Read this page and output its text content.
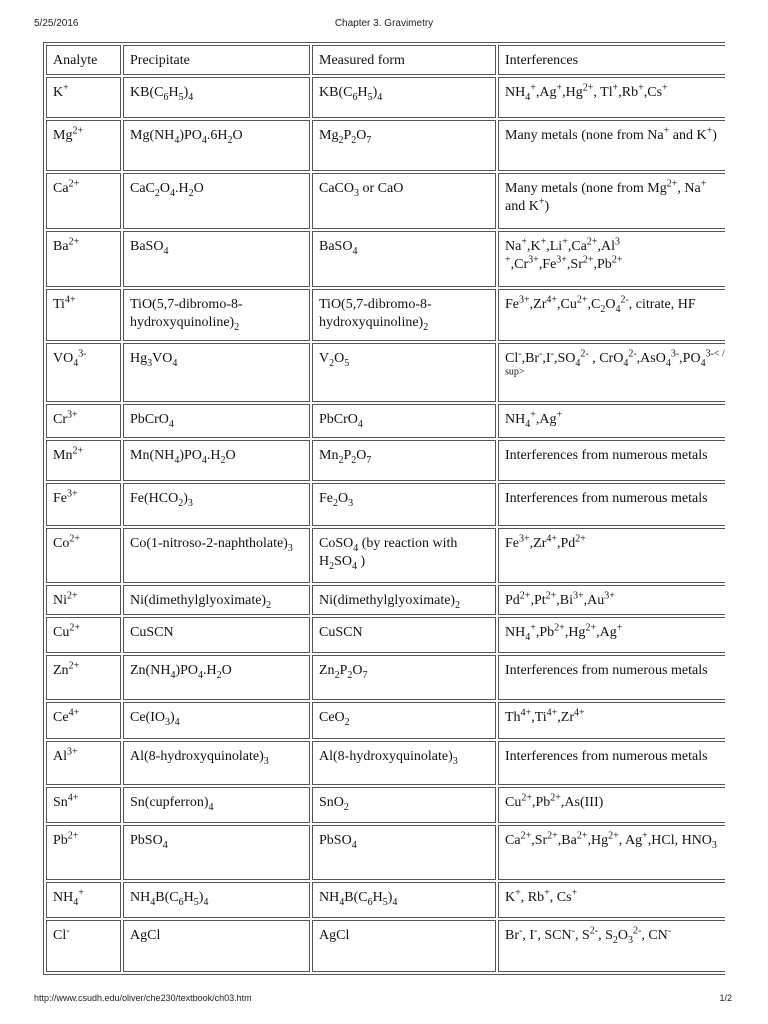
5/25/2016	Chapter 3. Gravimetry
Analyte	Precipitate	Measured form	Interferences
K+	$KB(C_6H_5)_4$	$KB(C_6H_5)_4$	$NH_4^+,Ag^+,Hg^{2+}$, Tl+,Rb+,Cs+
$Mg^{2+}$	$Mg(NH_4)PO_4.6H_2O$	$Mg_2P_2O_7$	Many metals (none from Na+ and K+)
$Ca^{2+}$	$CaC_2O_4.H_2O$	CaCO$_3$ or CaO	Many metals (none from $Mg^{2+}$, Na+ and K+)
$Ba^{2+}$	BaSO$_4$	BaSO$_4$	$Na^+,K^+,Li^+,Ca^{2+},Al^{3 +},Cr^{3+},Fe^{3+},Sr^{2+},Pb^{2+}$
$Ti^{4+}$	$TiO(5,7-dibromo-8-hydroxyquinoline)_2$	$TiO(5,7-dibromo-8-hydroxyquinoline)_2$	$Fe^{3+},Zr^{4+},Cu^{2+},C_2O_4^{2-}$, citrate, HF
$VO_4^{3-}$	$Hg_3VO_4$	$V_2O_5$	$Cl^-,Br^-,I^-,SO_4^{2-}$ , $CrO_4^{2-},AsO_4^{3-},PO_4^{3-< / sup>}$
$Cr^{3+}$	PbCrO$_4$	PbCrO$_4$	$NH_4^+,Ag^+$
$Mn^{2+}$	$Mn(NH_4)PO_4.H_2O$	$Mn_2P_2O_7$	Interferences from numerous metals
$Fe^{3+}$	$Fe(HCO_2)_3$	$Fe_2O_3$	Interferences from numerous metals
$Co^{2+}$	$Co(1-nitroso-2-naphtholate)_3$	CoSO$_4$ (by reaction with $H_2SO_4$ )	$Fe^{3+},Zr^{4+},Pd^{2+}$
$Ni^{2+}$	$Ni(dimethylglyoximate)_2$	$Ni(dimethylglyoximate)_2$	$Pd^{2+},Pt^{2+},Bi^{3+},Au^{3+}$
$Cu^{2+}$	CuSCN	CuSCN	$NH_4^+,Pb^{2+},Hg^{2+},Ag^+$
$Zn^{2+}$	$Zn(NH_4)PO_4.H_2O$	$Zn_2P_2O_7$	Interferences from numerous metals
$Ce^{4+}$	$Ce(IO_3)_4$	CeO$_2$	$Th^{4+},Ti^{4+},Zr^{4+}$
$Al^{3+}$	$Al(8-hydroxyquinolate)_3$	$Al(8-hydroxyquinolate)_3$	Interferences from numerous metals
$Sn^{4+}$	$Sn(cupferron)_4$	SnO$_2$	$Cu^{2+},Pb^{2+},As(III)$
$Pb^{2+}$	PbSO$_4$	PbSO$_4$	$Ca^{2+},Sr^{2+},Ba^{2+},Hg^{2+}$, Ag+,HCl, $HNO_3$
$NH_4^+$	$NH_4B(C_6H_5)_4$	$NH_4B(C_6H_5)_4$	K+, Rb+, Cs+
Cl-	AgCl	AgCl	Br-, I-, SCN-, $S^{2-}$, $S_2O_3^{2-}$, CN-
http://www.csudh.edu/oliver/che230/textbook/ch03.htm	1/2
